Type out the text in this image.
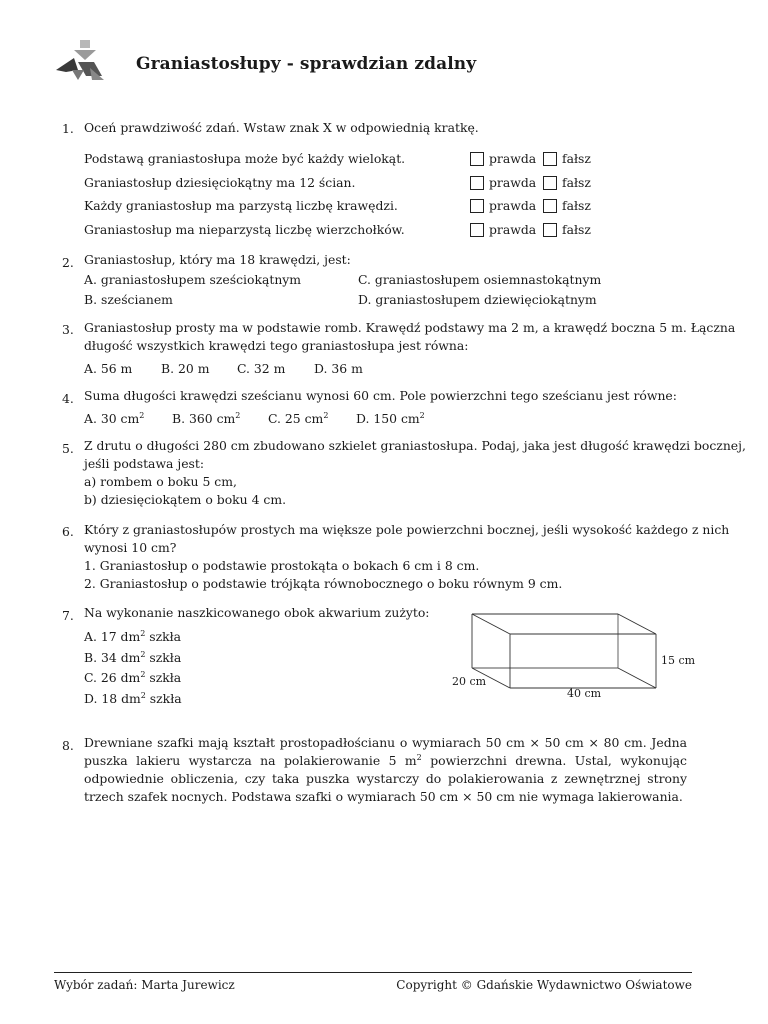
Graniastosłupy - sprawdzian zdalny
1. Oceń prawdziwość zdań. Wstaw znak X w odpowiednią kratkę.
Podstawą graniastosłupa może być każdy wielokąt.	prawda fałsz
Graniastosłup dziesięciokątny ma 12 ścian.	prawda fałsz
Każdy graniastosłup ma parzystą liczbę krawędzi.	prawda fałsz
Graniastosłup ma nieparzystą liczbę wierzchołków.	prawda fałsz
2. Graniastosłup, który ma 18 krawędzi, jest:
A. graniastosłupem sześciokątnym
B. sześcianem
C. graniastosłupem osiemnastokątnym
D. graniastosłupem dziewięciokątnym
3. Graniastosłup prosty ma w podstawie romb. Krawędź podstawy ma 2 m, a krawędź boczna 5 m. Łączna
długość wszystkich krawędzi tego graniastosłupa jest równa:
A. 56 m B. 20 m C. 32 m D. 36 m
4. Suma długości krawędzi sześcianu wynosi 60 cm. Pole powierzchni tego sześcianu jest równe:
A. 30 $cm^2$ B. 360 $cm^2$ C. 25 $cm^2$ D. 150 $cm^2$
5. Z drutu o długości 280 cm zbudowano szkielet graniastosłupa. Podaj, jaka jest długość krawędzi bocznej,
jeśli podstawa jest:
a) rombem o boku 5 cm,
b) dziesięciokątem o boku 4 cm.
6. Który z graniastosłupów prostych ma większe pole powierzchni bocznej, jeśli wysokość każdego z nich
wynosi 10 cm?
1. Graniastosłup o podstawie prostokąta o bokach 6 cm i 8 cm.
2. Graniastosłup o podstawie trójkąta równobocznego o boku równym 9 cm.
7. Na wykonanie naszkicowanego obok akwarium zużyto:
A. 17 $dm^2$ szkła
B. 34 $dm^2$ szkła
C. 26 $dm^2$ szkła
D. 18 $dm^2$ szkła
15 cm
20 cm
40 cm
8. Drewniane szafki mają kształt prostopadłościanu o wymiarach 50 cm × 50 cm × 80 cm. Jedna puszka lakieru wystarcza na polakierowanie 5 $m^2$ powierzchni drewna. Ustal, wykonując odpowiednie obliczenia, czy taka puszka wystarczy do polakierowania z zewnętrznej strony trzech szafek nocnych. Podstawa szafki o wymiarach 50 cm × 50 cm nie wymaga lakierowania.
Wybór zadań: Marta Jurewicz	Copyright © Gdańskie Wydawnictwo Oświatowe
